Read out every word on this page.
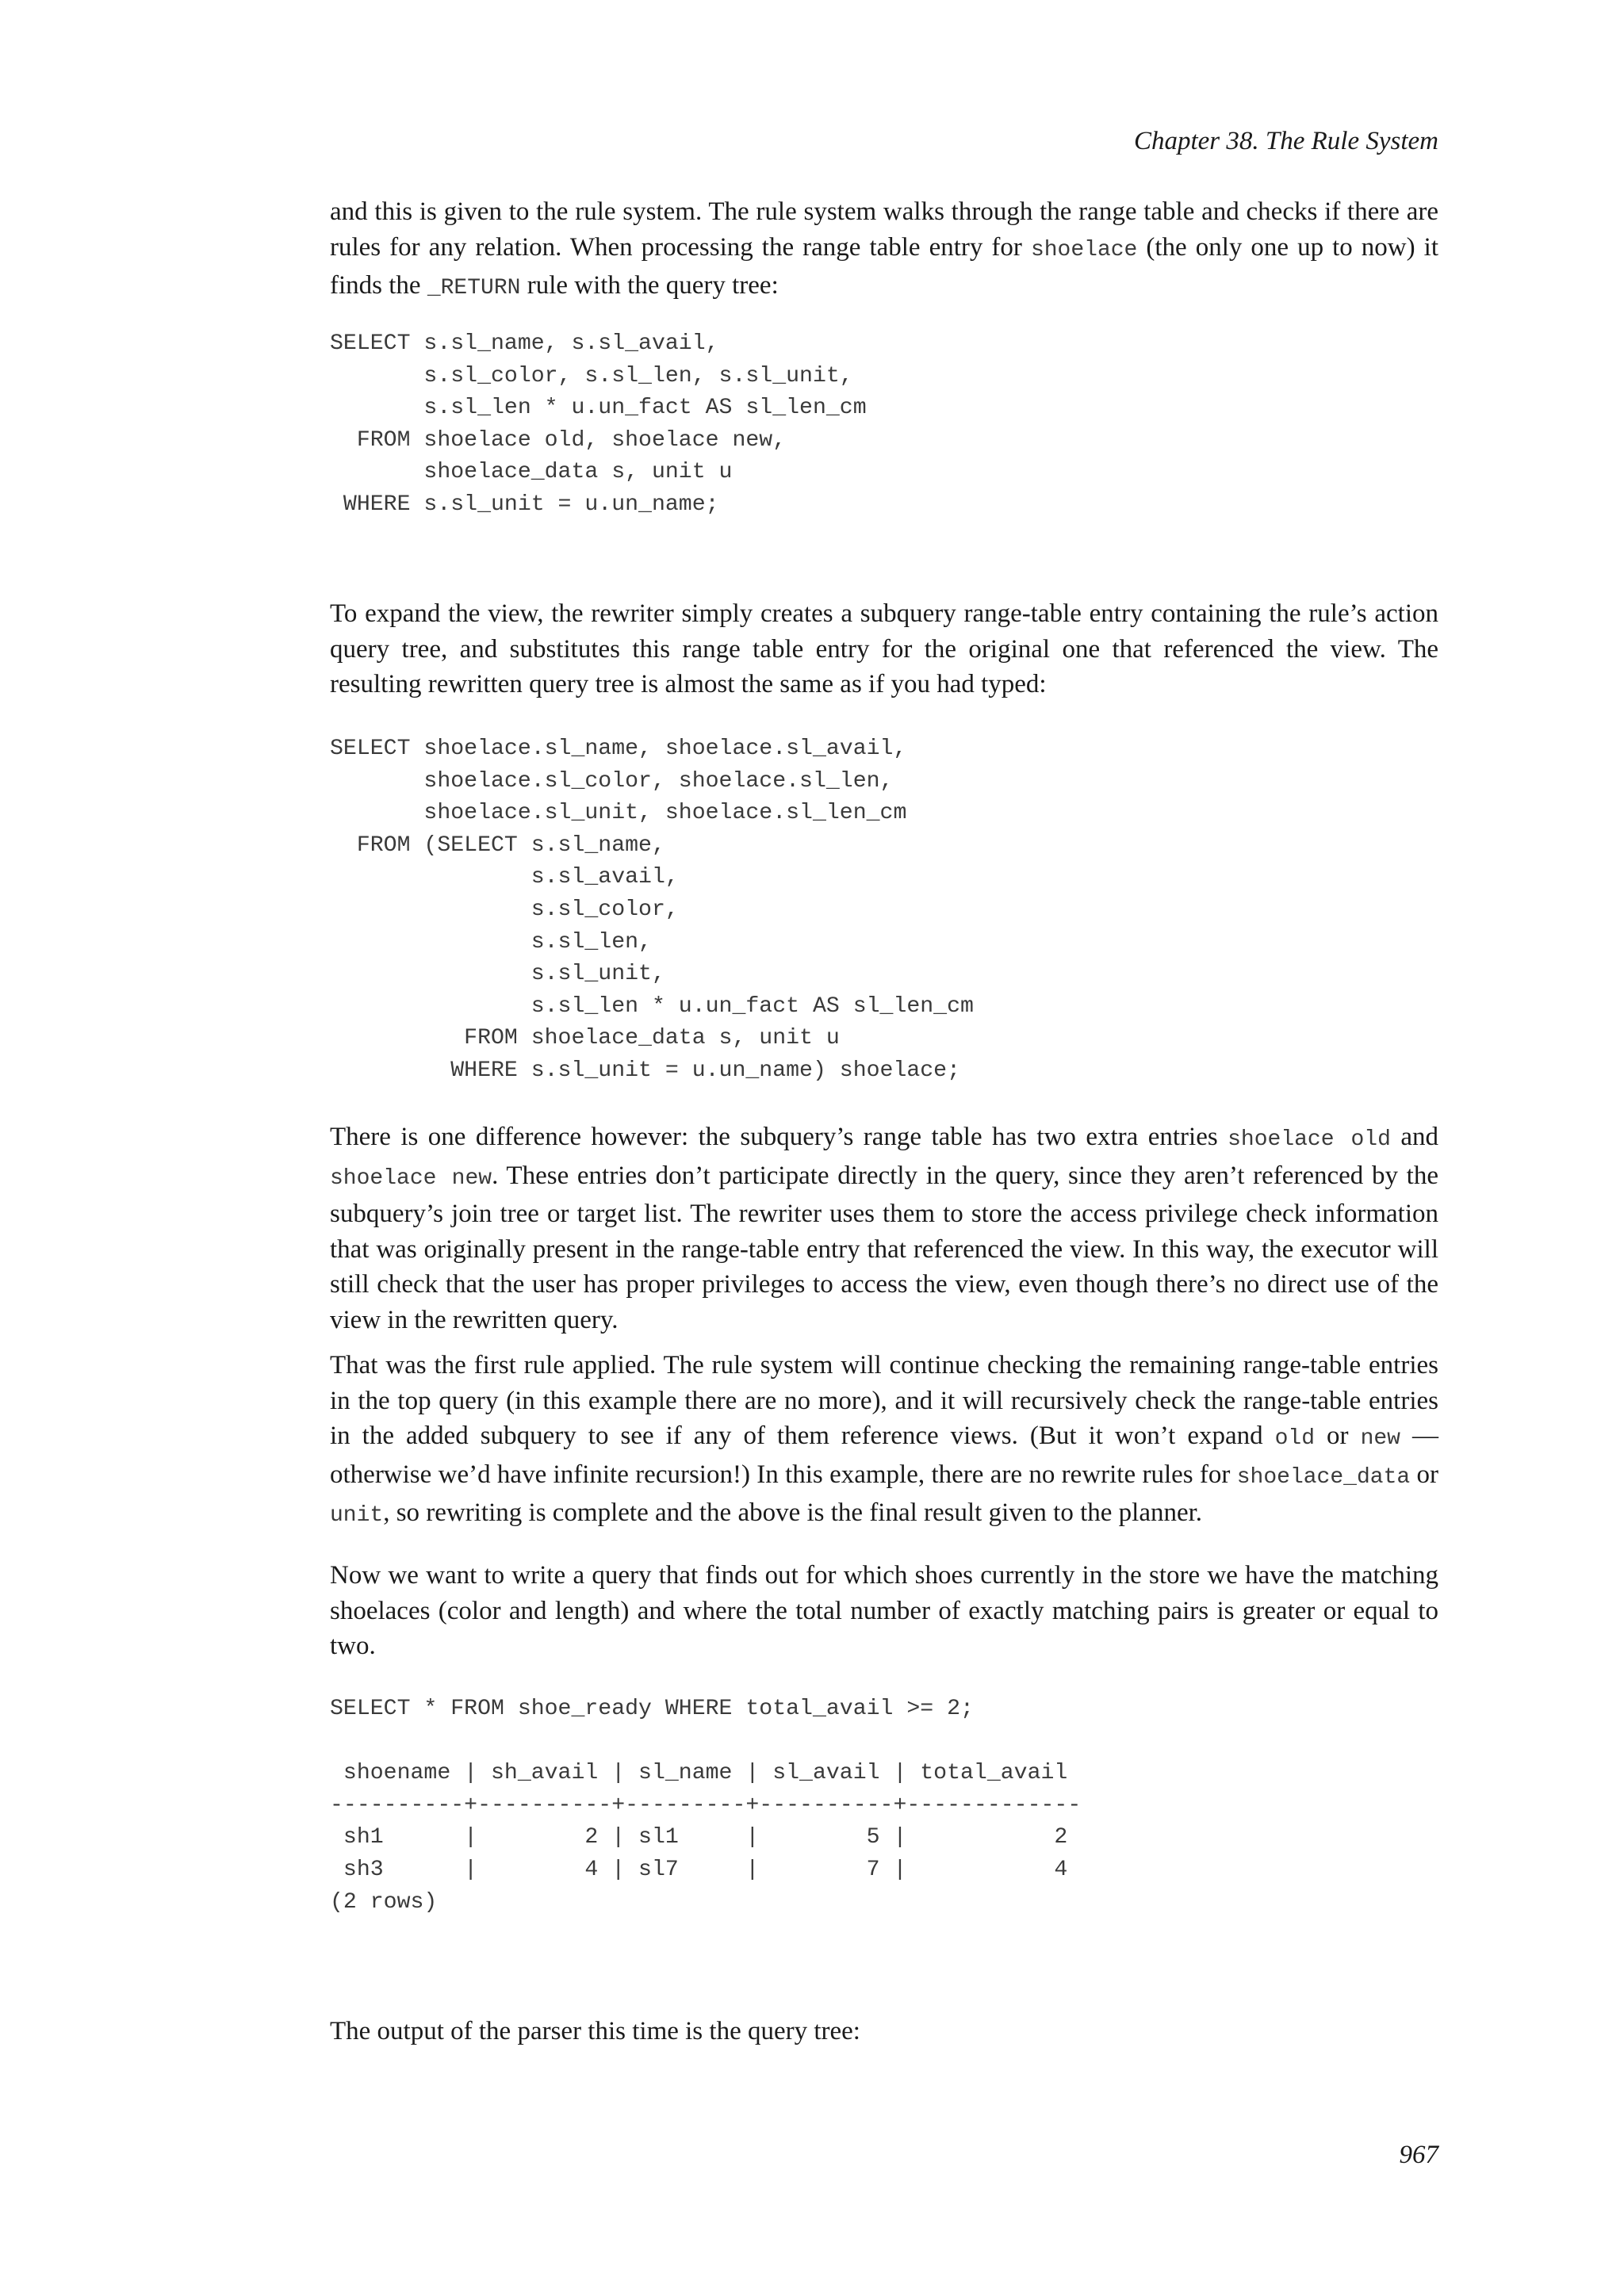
Chapter 38. The Rule System

and this is given to the rule system. The rule system walks through the range table and checks if there are rules for any relation. When processing the range table entry for shoelace (the only one up to now) it finds the _RETURN rule with the query tree:

SELECT s.sl_name, s.sl_avail,
s.sl_color, s.sl_len, s.sl_unit,
s.sl_len * u.un_fact AS sl_len_cm
FROM shoelace old, shoelace new,
shoelace_data s, unit u
WHERE s.sl_unit = u.un_name;

To expand the view, the rewriter simply creates a subquery range-table entry containing the rule’s action query tree, and substitutes this range table entry for the original one that referenced the view. The resulting rewritten query tree is almost the same as if you had typed:

SELECT shoelace.sl_name, shoelace.sl_avail,
shoelace.sl_color, shoelace.sl_len,
shoelace.sl_unit, shoelace.sl_len_cm
FROM (SELECT s.sl_name,
s.sl_avail,
s.sl_color,
s.sl_len,
s.sl_unit,
s.sl_len * u.un_fact AS sl_len_cm
FROM shoelace_data s, unit u
WHERE s.sl_unit = u.un_name) shoelace;

There is one difference however: the subquery’s range table has two extra entries shoelace old and shoelace new. These entries don’t participate directly in the query, since they aren’t referenced by the subquery’s join tree or target list. The rewriter uses them to store the access privilege check information that was originally present in the range-table entry that referenced the view. In this way, the executor will still check that the user has proper privileges to access the view, even though there’s no direct use of the view in the rewritten query.

That was the first rule applied. The rule system will continue checking the remaining range-table entries in the top query (in this example there are no more), and it will recursively check the range-table entries in the added subquery to see if any of them reference views. (But it won’t expand old or new — otherwise we’d have infinite recursion!) In this example, there are no rewrite rules for shoelace_data or unit, so rewriting is complete and the above is the final result given to the planner.

Now we want to write a query that finds out for which shoes currently in the store we have the matching shoelaces (color and length) and where the total number of exactly matching pairs is greater or equal to two.

SELECT * FROM shoe_ready WHERE total_avail >= 2;

shoename | sh_avail | sl_name | sl_avail | total_avail
----------+----------+---------+----------+-------------
sh1      |        2 | sl1     |        5 |           2
sh3      |        4 | sl7     |        7 |           4
(2 rows)

The output of the parser this time is the query tree:

967
